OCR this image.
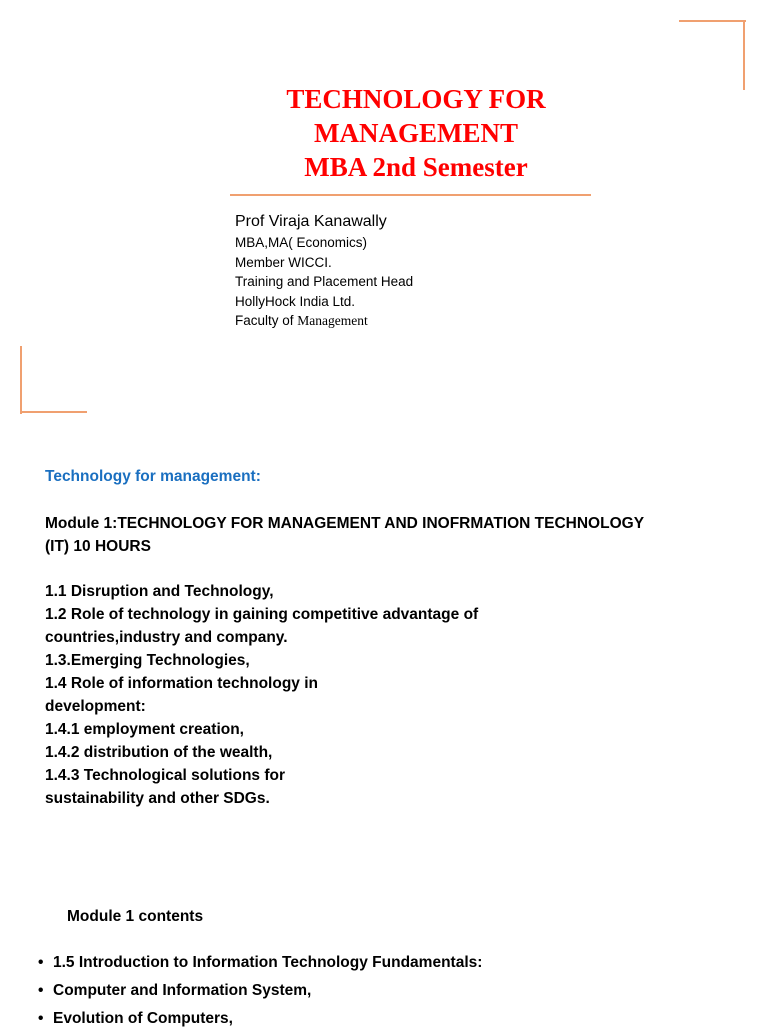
TECHNOLOGY FOR
MANAGEMENT
MBA 2nd Semester
Prof Viraja Kanawally
MBA,MA( Economics)
Member WICCI.
Training and Placement Head
HollyHock India Ltd.
Faculty of Management
Technology for management:
Module 1:TECHNOLOGY FOR MANAGEMENT AND INOFRMATION TECHNOLOGY
(IT) 10 HOURS
1.1 Disruption and Technology,
1.2 Role of technology in gaining competitive advantage of
countries,industry and company.
1.3.Emerging Technologies,
1.4 Role of information technology in
development:
1.4.1 employment creation,
1.4.2 distribution of the wealth,
1.4.3 Technological solutions for
sustainability and other SDGs.
Module 1 contents
• 1.5 Introduction to Information Technology Fundamentals:
• Computer and Information System,
• Evolution of Computers,
